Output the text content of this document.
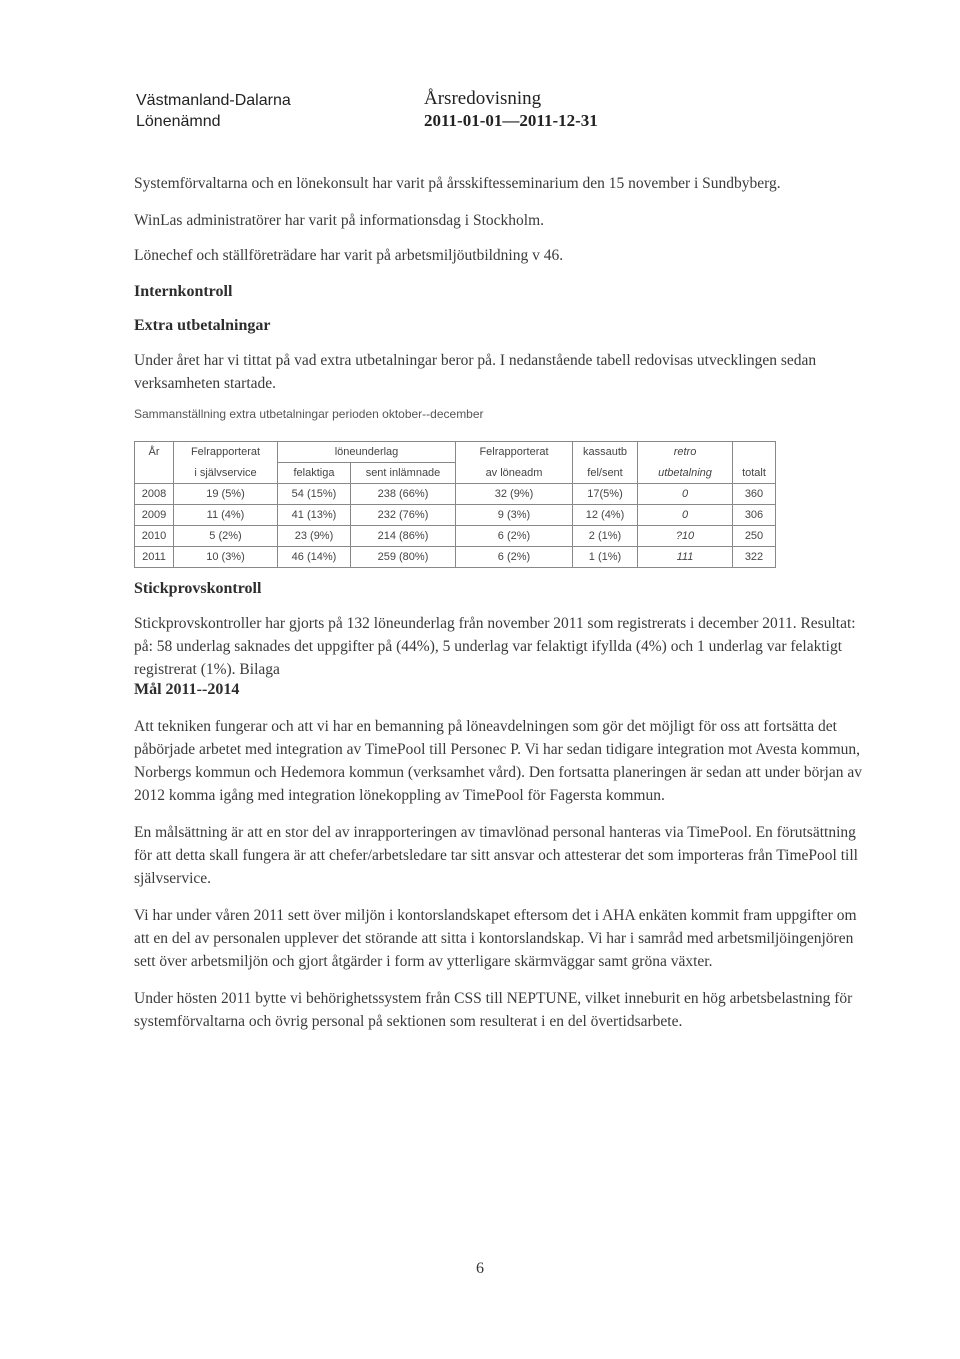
Västmanland-Dalarna
Lönenämnd
Årsredovisning
2011-01-01—2011-12-31

Systemförvaltarna och en lönekonsult har varit på årsskiftesseminarium den 15 november i Sundbyberg.

WinLas administratörer har varit på informationsdag i Stockholm.

Lönechef och ställföreträdare har varit på arbetsmiljöutbildning v 46.

Internkontroll
Extra utbetalningar

Under året har vi tittat på vad extra utbetalningar beror på. I nedanstående tabell redovisas utvecklingen sedan verksamheten startade.

Sammanställning extra utbetalningar perioden oktober--december
År	Felrapporterat	löneunderlag		Felrapporterat	kassautb	retro	
	i självservice	felaktiga	sent inlämnade	av löneadm	fel/sent	utbetalning	totalt
2008	19 (5%)	54 (15%)	238 (66%)	32 (9%)	17(5%)	0	360
2009	11 (4%)	41 (13%)	232 (76%)	9 (3%)	12 (4%)	0	306
2010	5 (2%)	23 (9%)	214 (86%)	6 (2%)	2 (1%)	?10	250
2011	10 (3%)	46 (14%)	259 (80%)	6 (2%)	1 (1%)	111	322
Stickprovskontroll

Stickprovskontroller har gjorts på 132 löneunderlag från november 2011 som registrerats i december 2011. Resultat: på: 58 underlag saknades det uppgifter på (44%), 5 underlag var felaktigt ifyllda (4%) och 1 underlag var felaktigt registrerat (1%). Bilaga

Mål 2011--2014

Att tekniken fungerar och att vi har en bemanning på löneavdelningen som gör det möjligt för oss att fortsätta det påbörjade arbetet med integration av TimePool till Personec P. Vi har sedan tidigare integration mot Avesta kommun, Norbergs kommun och Hedemora kommun (verksamhet vård). Den fortsatta planeringen är sedan att under början av 2012 komma igång med integration lönekoppling av TimePool för Fagersta kommun.

En målsättning är att en stor del av inrapporteringen av timavlönad personal hanteras via TimePool. En förutsättning för att detta skall fungera är att chefer/arbetsledare tar sitt ansvar och attesterar det som importeras från TimePool till självservice.

Vi har under våren 2011 sett över miljön i kontorslandskapet eftersom det i AHA enkäten kommit fram uppgifter om att en del av personalen upplever det störande att sitta i kontorslandskap. Vi har i samråd med arbetsmiljöingenjören sett över arbetsmiljön och gjort åtgärder i form av ytterligare skärmväggar samt gröna växter.

Under hösten 2011 bytte vi behörighetssystem från CSS till NEPTUNE, vilket inneburit en hög arbetsbelastning för systemförvaltarna och övrig personal på sektionen som resulterat i en del övertidsarbete.

6
